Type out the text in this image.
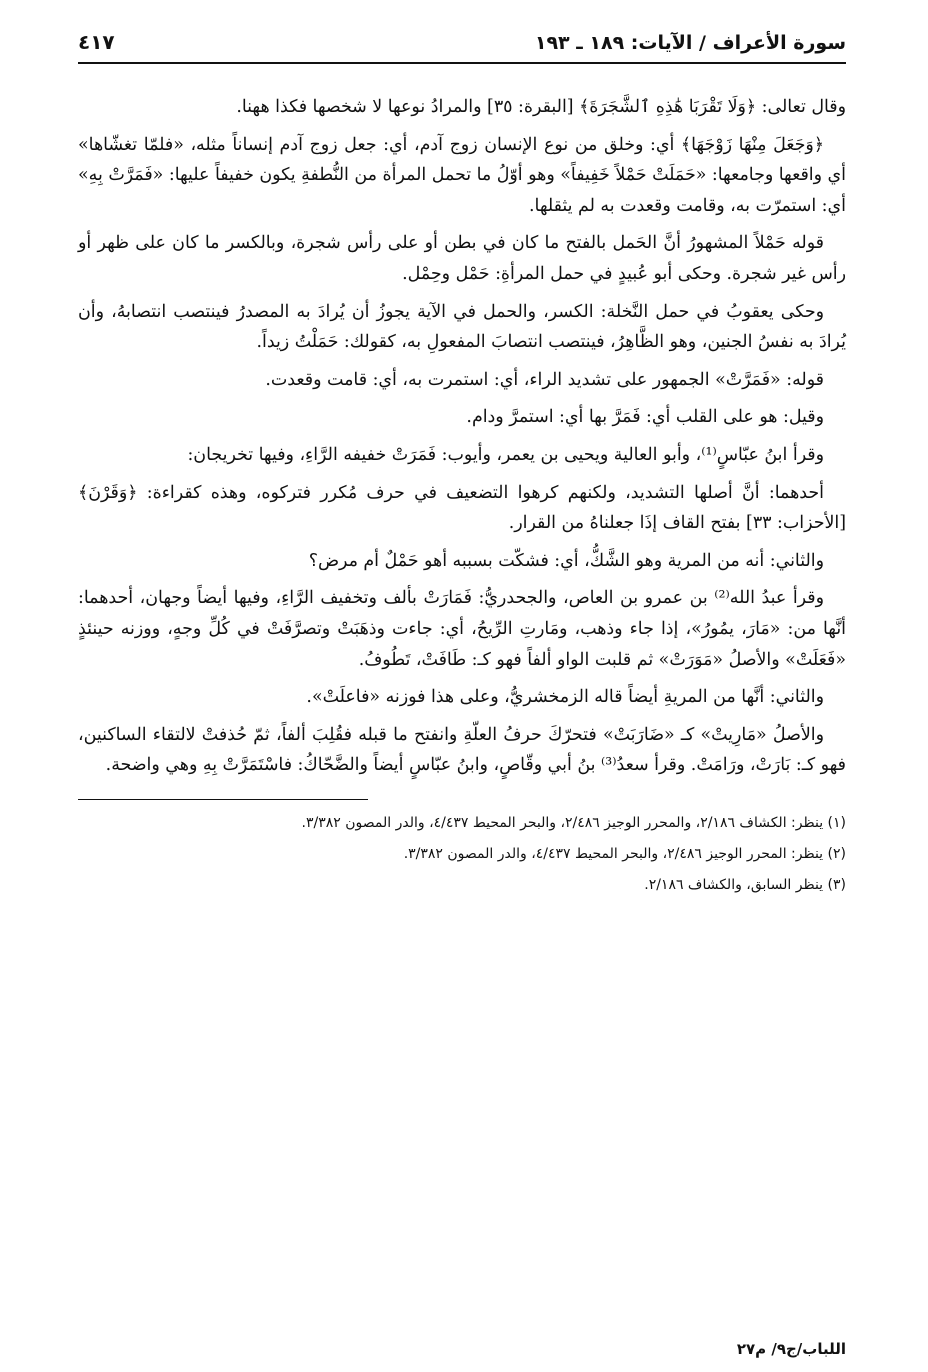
سورة الأعراف / الآيات: ١٨٩ ـ ١٩٣
٤١٧

وقال تعالى: ﴿وَلَا تَقْرَبَا هَٰذِهِ ٱلشَّجَرَةَ﴾ [البقرة: ٣٥] والمرادُ نوعها لا شخصها فكذا ههنا.

﴿وَجَعَلَ مِنْهَا زَوْجَهَا﴾ أي: وخلق من نوع الإنسان زوج آدم، أي: جعل زوج آدم إنساناً مثله، «فلمّا تغشّاها» أي واقعها وجامعها: «حَمَلَتْ حَمْلاً خَفِيفاً» وهو أوّلُ ما تحمل المرأة من النُّطفةِ يكون خفيفاً عليها: «فَمَرَّتْ بِهِ» أي: استمرّت به، وقامت وقعدت به لم يثقلها.

قوله حَمْلاً المشهورُ أنَّ الحَمل بالفتح ما كان في بطن أو على رأس شجرة، وبالكسر ما كان على ظهر أو رأس غير شجرة. وحكى أبو عُبيدٍ في حمل المرأةِ: حَمْل وحِمْل.

وحكى يعقوبُ في حمل النَّخلة: الكسر، والحمل في الآية يجوزُ أن يُرادَ به المصدرُ فينتصب انتصابهُ، وأن يُرادَ به نفسُ الجنين، وهو الظَّاهِرُ، فينتصب انتصابَ المفعولِ به، كقولك: حَمَلْتُ زيداً.

قوله: «فَمَرَّتْ» الجمهور على تشديد الراء، أي: استمرت به، أي: قامت وقعدت.

وقيل: هو على القلب أي: فَمَرَّ بها أي: استمرَّ ودام.

وقرأ ابنُ عبّاسٍ⁽¹⁾، وأبو العالية ويحيى بن يعمر، وأيوب: فَمَرَتْ خفيفه الرَّاءِ، وفيها تخريجان:

أحدهما: أنَّ أصلها التشديد، ولكنهم كرهوا التضعيف في حرف مُكرر فتركوه، وهذه كقراءة: ﴿وَقَرْنَ﴾ [الأحزاب: ٣٣] بفتح القاف إذَا جعلناهُ من القرار.

والثاني: أنه من المرية وهو الشَّكُّ، أي: فشكّت بسببه أهو حَمْلٌ أم مرض؟

وقرأ عبدُ الله⁽²⁾ بن عمرو بن العاص، والجحدريُّ: فَمَارَتْ بألف وتخفيف الرَّاءِ، وفيها أيضاً وجهان، أحدهما: أنَّها من: «مَارَ، يمُورُ»، إذا جاء وذهب، ومَارتِ الرِّيحُ، أي: جاءت وذهَبَتْ وتصرَّفَتْ في كُلِّ وجهٍ، ووزنه حينئذٍ «فَعَلَتْ» والأصلُ «مَوَرَتْ» ثم قلبت الواو ألفاً فهو كـ: طَافَتْ، تَطُوفُ.

والثاني: أنَّها من المريةِ أيضاً قاله الزمخشريُّ، وعلى هذا فوزنه «فاعلَتْ».

والأصلُ «مَارِيتْ» كـ «ضَارَبَتْ» فتحرّكَ حرفُ العلّةِ وانفتح ما قبله فقُلِبَ ألفاً، ثمّ حُذفتْ لالتقاء الساكنين، فهو كـ: بَارَتْ، ورَامَتْ. وقرأ سعدُ⁽³⁾ بنُ أبي وقّاصٍ، وابنُ عبّاسٍ أيضاً والضَّحّاكُ: فاسْتَمَرَّتْ بِهِ وهي واضحة.

(١) ينظر: الكشاف ٢/١٨٦، والمحرر الوجيز ٢/٤٨٦، والبحر المحيط ٤/٤٣٧، والدر المصون ٣/٣٨٢.
(٢) ينظر: المحرر الوجيز ٢/٤٨٦، والبحر المحيط ٤/٤٣٧، والدر المصون ٣/٣٨٢.
(٣) ينظر السابق، والكشاف ٢/١٨٦.
اللباب/ج٩/ م٢٧
